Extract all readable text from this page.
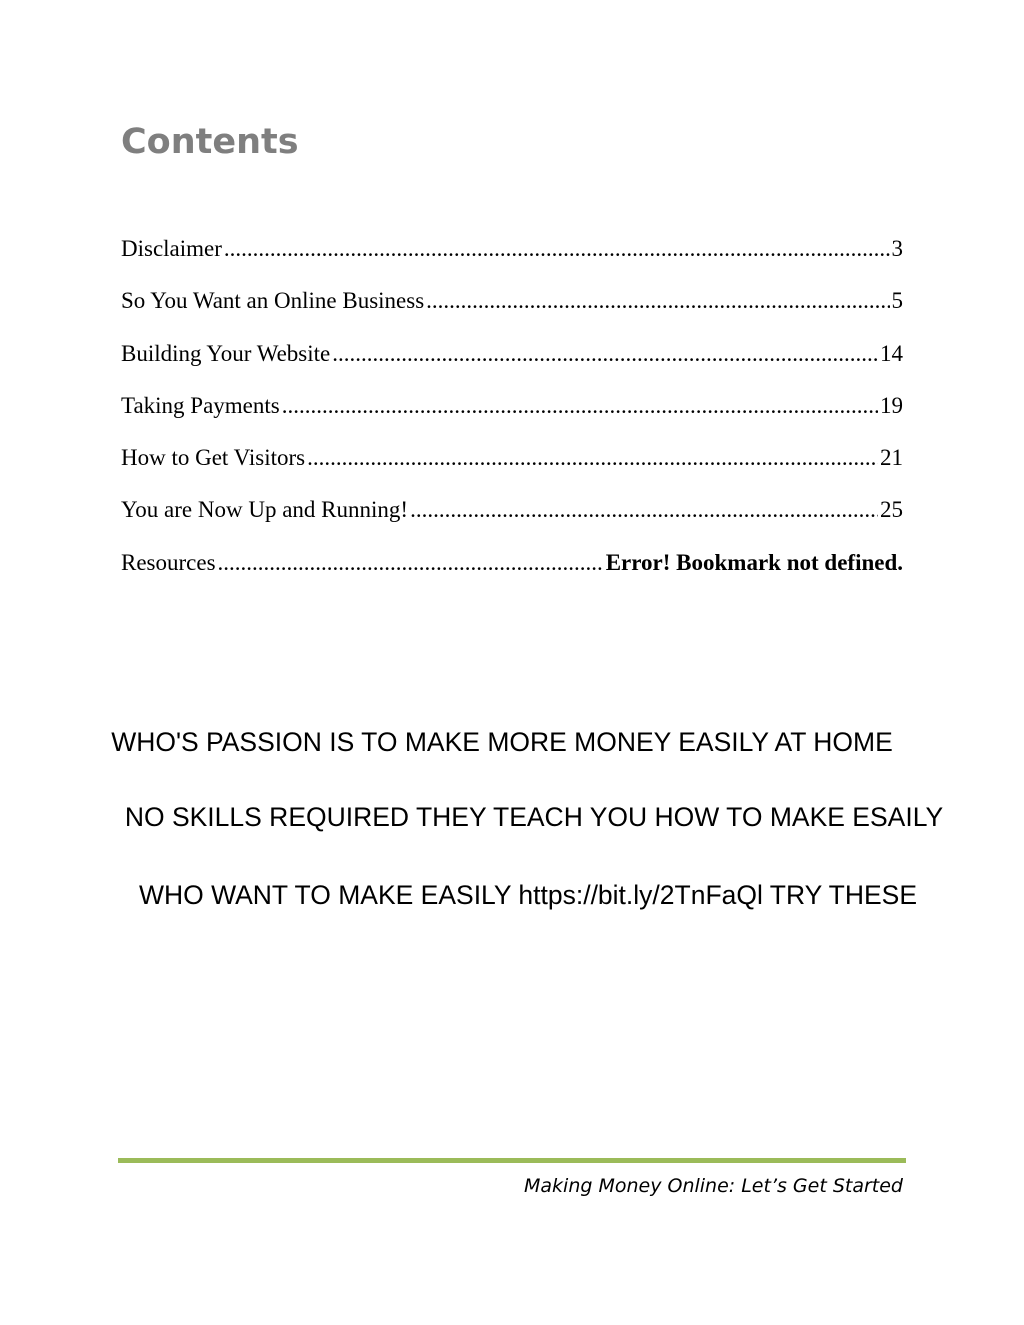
Contents
Disclaimer .....	3
So You Want an Online Business .....	5
Building Your Website .....	14
Taking Payments .....	19
How to Get Visitors .....	21
You are Now Up and Running! .....	25
Resources .....	Error! Bookmark not defined.
WHO'S PASSION IS TO MAKE MORE MONEY EASILY AT HOME
NO SKILLS REQUIRED THEY TEACH YOU HOW TO MAKE ESAILY
WHO WANT TO MAKE EASILY https://bit.ly/2TnFaQl TRY THESE
Making Money Online: Let’s Get Started
